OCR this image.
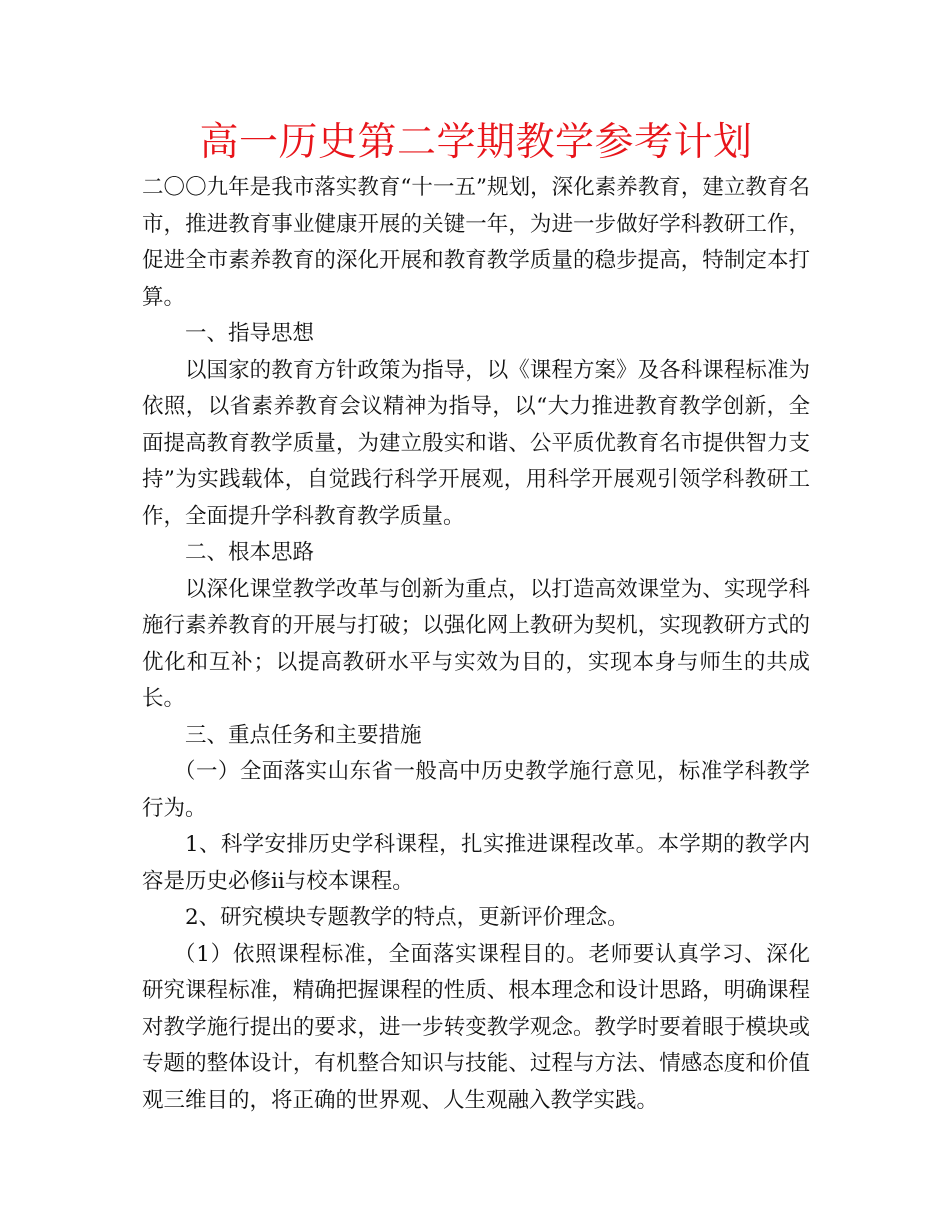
高一历史第二学期教学参考计划

二〇〇九年是我市落实教育“十一五”规划，深化素养教育，建立教育名市，推进教育事业健康开展的关键一年，为进一步做好学科教研工作，促进全市素养教育的深化开展和教育教学质量的稳步提高，特制定本打算。

一、指导思想

以国家的教育方针政策为指导，以《课程方案》及各科课程标准为依照，以省素养教育会议精神为指导，以“大力推进教育教学创新，全面提高教育教学质量，为建立殷实和谐、公平质优教育名市提供智力支持”为实践载体，自觉践行科学开展观，用科学开展观引领学科教研工作，全面提升学科教育教学质量。

二、根本思路

以深化课堂教学改革与创新为重点，以打造高效课堂为、实现学科施行素养教育的开展与打破；以强化网上教研为契机，实现教研方式的优化和互补；以提高教研水平与实效为目的，实现本身与师生的共成长。

三、重点任务和主要措施

（一）全面落实山东省一般高中历史教学施行意见，标准学科教学行为。

1、科学安排历史学科课程，扎实推进课程改革。本学期的教学内容是历史必修ii与校本课程。

2、研究模块专题教学的特点，更新评价理念。

（1）依照课程标准，全面落实课程目的。老师要认真学习、深化研究课程标准，精确把握课程的性质、根本理念和设计思路，明确课程对教学施行提出的要求，进一步转变教学观念。教学时要着眼于模块或专题的整体设计，有机整合知识与技能、过程与方法、情感态度和价值观三维目的，将正确的世界观、人生观融入教学实践。
